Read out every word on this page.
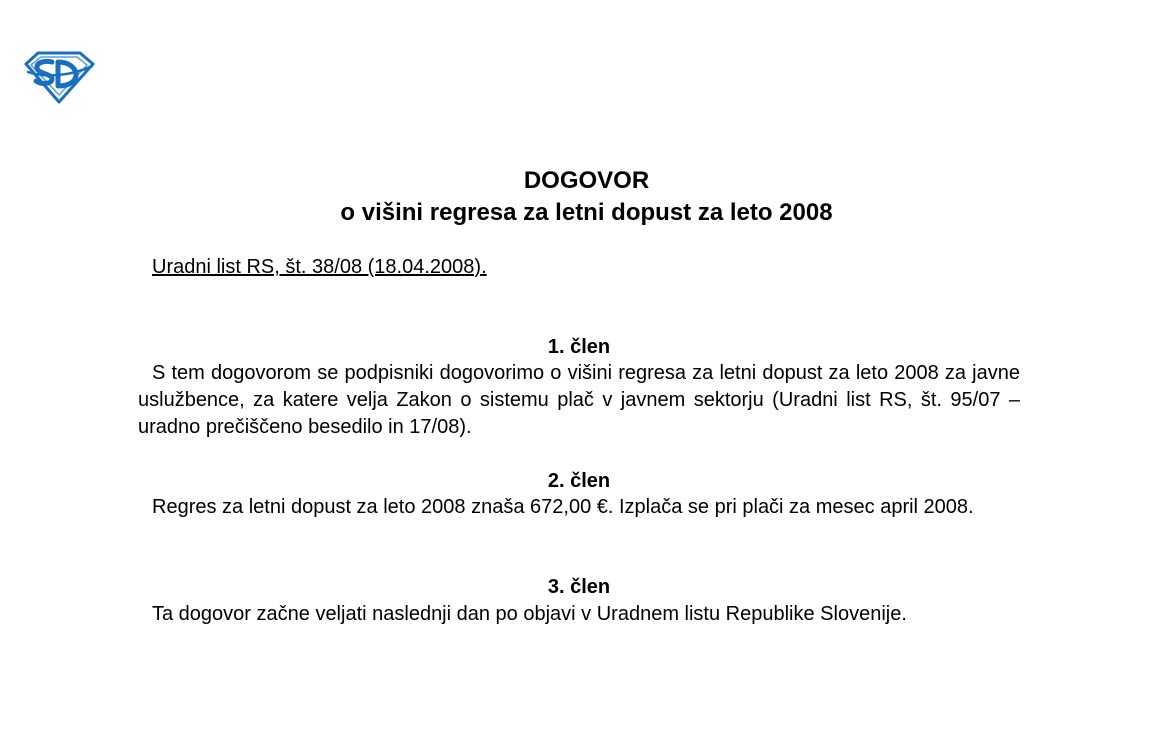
DOGOVOR
o višini regresa za letni dopust za leto 2008

Uradni list RS, št. 38/08 (18.04.2008).

1. člen

S tem dogovorom se podpisniki dogovorimo o višini regresa za letni dopust za leto 2008 za javne uslužbence, za katere velja Zakon o sistemu plač v javnem sektorju (Uradni list RS, št. 95/07 – uradno prečiščeno besedilo in 17/08).

2. člen

Regres za letni dopust za leto 2008 znaša 672,00 €. Izplača se pri plači za mesec april 2008.

3. člen

Ta dogovor začne veljati naslednji dan po objavi v Uradnem listu Republike Slovenije.
